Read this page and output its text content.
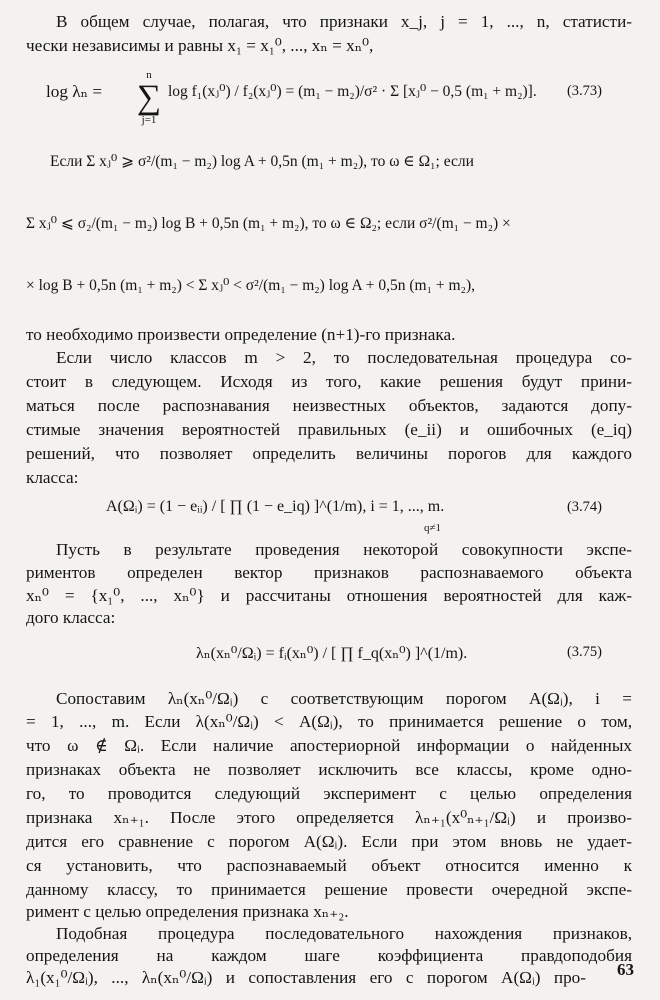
В общем случае, полагая, что признаки x_j, j = 1, ..., n, статисти-
чески независимы и равны x₁ = x₁⁰, ..., xₙ = xₙ⁰,
log λₙ =
n
∑
j=1
log f₁(xⱼ⁰) / f₂(xⱼ⁰) = (m₁ − m₂)/σ² · Σ [xⱼ⁰ − 0,5 (m₁ + m₂)].	(3.73)
Если Σ xⱼ⁰ ⩾ σ²/(m₁ − m₂) log A + 0,5n (m₁ + m₂), то ω ∈ Ω₁; если
Σ xⱼ⁰ ⩽ σ₂/(m₁ − m₂) log B + 0,5n (m₁ + m₂), то ω ∈ Ω₂; если σ²/(m₁ − m₂) ×
× log B + 0,5n (m₁ + m₂) < Σ xⱼ⁰ < σ²/(m₁ − m₂) log A + 0,5n (m₁ + m₂),
то необходимо произвести определение (n+1)-го признака.
Если число классов m > 2, то последовательная процедура со-
стоит в следующем. Исходя из того, какие решения будут прини-
маться после распознавания неизвестных объектов, задаются допу-
стимые значения вероятностей правильных (e_ii) и ошибочных (e_iq)
решений, что позволяет определить величины порогов для каждого
класса:
A(Ωᵢ) = (1 − eᵢᵢ) / [ ∏ (1 − e_iq) ]^(1/m), i = 1, ..., m.
q≠1
(3.74)
Пусть в результате проведения некоторой совокупности экспе-
риментов определен вектор признаков распознаваемого объекта
xₙ⁰ = {x₁⁰, ..., xₙ⁰} и рассчитаны отношения вероятностей для каж-
дого класса:
λₙ(xₙ⁰/Ωᵢ) = fᵢ(xₙ⁰) / [ ∏ f_q(xₙ⁰) ]^(1/m).	(3.75)
Сопоставим λₙ(xₙ⁰/Ωᵢ) с соответствующим порогом A(Ωᵢ), i =
= 1, ..., m. Если λ(xₙ⁰/Ωᵢ) < A(Ωᵢ), то принимается решение о том,
что ω ∉ Ωᵢ. Если наличие апостериорной информации о найденных
признаках объекта не позволяет исключить все классы, кроме одно-
го, то проводится следующий эксперимент с целью определения
признака xₙ₊₁. После этого определяется λₙ₊₁(x⁰ₙ₊₁/Ωᵢ) и произво-
дится его сравнение с порогом A(Ωᵢ). Если при этом вновь не удает-
ся установить, что распознаваемый объект относится именно к
данному классу, то принимается решение провести очередной экспе-
римент с целью определения признака xₙ₊₂.
Подобная процедура последовательного нахождения признаков,
определения на каждом шаге коэффициента правдоподобия
λ₁(x₁⁰/Ωᵢ), ..., λₙ(xₙ⁰/Ωᵢ) и сопоставления его с порогом A(Ωᵢ) про- 63
